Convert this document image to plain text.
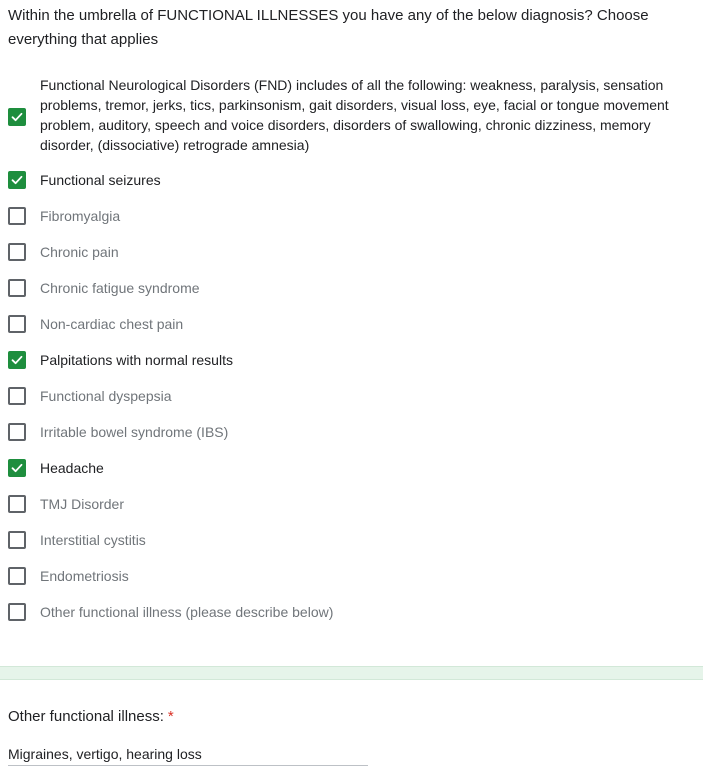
Within the umbrella of FUNCTIONAL ILLNESSES you have any of the below diagnosis? Choose everything that applies
Functional Neurological Disorders (FND) includes of all the following: weakness, paralysis, sensation problems, tremor, jerks, tics, parkinsonism, gait disorders, visual loss, eye, facial or tongue movement problem, auditory, speech and voice disorders, disorders of swallowing, chronic dizziness, memory disorder, (dissociative) retrograde amnesia)
Functional seizures
Fibromyalgia
Chronic pain
Chronic fatigue syndrome
Non-cardiac chest pain
Palpitations with normal results
Functional dyspepsia
Irritable bowel syndrome (IBS)
Headache
TMJ Disorder
Interstitial cystitis
Endometriosis
Other functional illness (please describe below)
Other functional illness: *
Migraines, vertigo, hearing loss
